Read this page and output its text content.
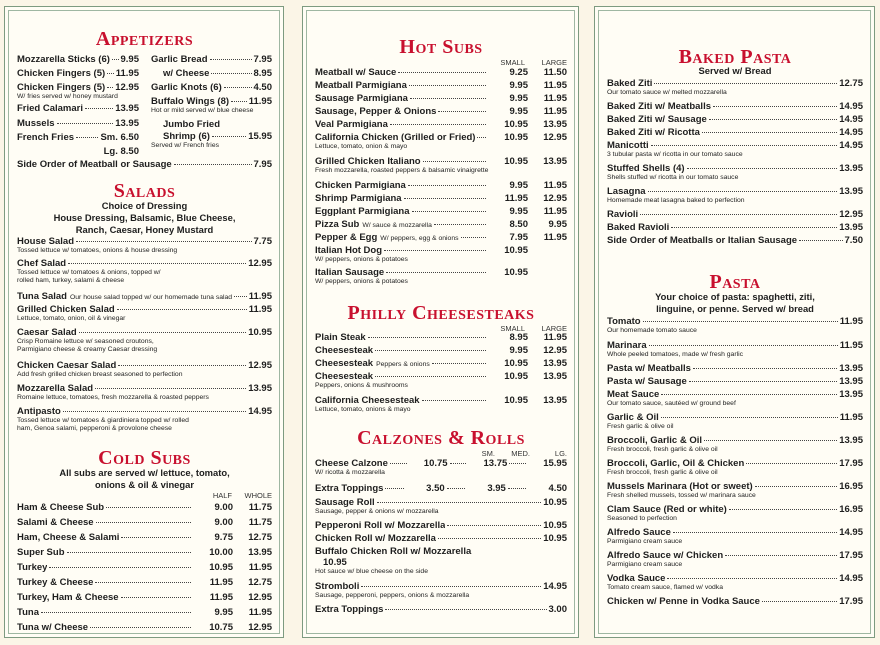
Appetizers
Mozzarella Sticks (6) 9.95
Chicken Fingers (5) 11.95
Chicken Fingers (5) 12.95
W/ fries served w/ honey mustard
Fried Calamari	13.95
Mussels	13.95
French Fries	Sm. 6.50
Lg. 8.50
Garlic Bread	7.95
w/ Cheese	8.95
Garlic Knots (6)	4.50
Buffalo Wings (8) 11.95
Hot or mild served w/ blue cheese
Jumbo Fried
Shrimp (6)	15.95
Served w/ French fries
Side Order of Meatball or Sausage	7.95
Salads
Choice of Dressing
House Dressing, Balsamic, Blue Cheese,
Ranch, Caesar, Honey Mustard
House Salad	7.75
Tossed lettuce w/ tomatoes, onions & house dressing
Chef Salad	12.95
Tossed lettuce w/ tomatoes & onions, topped w/
rolled ham, turkey, salami & cheese
Tuna Salad Our house salad topped w/ our homemade tuna salad 11.95
Grilled Chicken Salad	11.95
Lettuce, tomato, onion, oil & vinegar
Caesar Salad	10.95
Crisp Romaine lettuce w/ seasoned croutons,
Parmigiano cheese & creamy Caesar dressing
Chicken Caesar Salad	12.95
Add fresh grilled chicken breast seasoned to perfection
Mozzarella Salad	13.95
Romaine lettuce, tomatoes, fresh mozzarella & roasted peppers
Antipasto	14.95
Tossed lettuce w/ tomatoes & giardiniera topped w/ rolled
ham, Genoa salami, pepperoni & provolone cheese
Cold Subs
All subs are served w/ lettuce, tomato,
onions & oil & vinegar
HALF WHOLE
Ham & Cheese Sub	9.00	11.75
Salami & Cheese	9.00	11.75
Ham, Cheese & Salami	9.75	12.75
Super Sub	10.00	13.95
Turkey	10.95	11.95
Turkey & Cheese	11.95	12.75
Turkey, Ham & Cheese	11.95	12.95
Tuna	9.95	11.95
Tuna w/ Cheese	10.75	12.95
Hot Subs
SMALL LARGE
Meatball w/ Sauce	9.25	11.50
Meatball Parmigiana	9.95	11.95
Sausage Parmigiana	9.95	11.95
Sausage, Pepper & Onions	9.95	11.95
Veal Parmigiana	10.95	13.95
California Chicken (Grilled or Fried)	10.95	12.95
Lettuce, tomato, onion & mayo
Grilled Chicken Italiano	10.95	13.95
Fresh mozzarella, roasted peppers & balsamic vinaigrette
Chicken Parmigiana	9.95	11.95
Shrimp Parmigiana	11.95	12.95
Eggplant Parmigiana	9.95	11.95
Pizza Sub W/ sauce & mozzarella	8.50	9.95
Pepper & Egg W/ peppers, egg & onions	7.95	11.95
Italian Hot Dog	10.95
W/ peppers, onions & potatoes
Italian Sausage	10.95
W/ peppers, onions & potatoes
Philly Cheesesteaks
SMALL LARGE
Plain Steak	8.95	11.95
Cheesesteak	9.95	12.95
Cheesesteak Peppers & onions	10.95	13.95
Cheesesteak	10.95	13.95
Peppers, onions & mushrooms
California Cheesesteak	10.95	13.95
Lettuce, tomato, onions & mayo
Calzones & Rolls
SM. MED.	LG.
Cheese Calzone	10.75	13.75	15.95
W/ ricotta & mozzarella
Extra Toppings	3.50	3.95	4.50
Sausage Roll	10.95
Sausage, pepper & onions w/ mozzarella
Pepperoni Roll w/ Mozzarella	10.95
Chicken Roll w/ Mozzarella	10.95
Buffalo Chicken Roll w/ Mozzarella
10.95
Hot sauce w/ blue cheese on the side
Stromboli	14.95
Sausage, pepperoni, peppers, onions & mozzarella
Extra Toppings	3.00
Baked Pasta
Served w/ Bread
Baked Ziti	12.75
Our tomato sauce w/ melted mozzarella
Baked Ziti w/ Meatballs	14.95
Baked Ziti w/ Sausage	14.95
Baked Ziti w/ Ricotta	14.95
Manicotti	14.95
3 tubular pasta w/ ricotta in our tomato sauce
Stuffed Shells (4)	13.95
Shells stuffed w/ ricotta in our tomato sauce
Lasagna	13.95
Homemade meat lasagna baked to perfection
Ravioli	12.95
Baked Ravioli	13.95
Side Order of Meatballs or Italian Sausage	7.50
Pasta
Your choice of pasta: spaghetti, ziti,
linguine, or penne. Served w/ bread
Tomato	11.95
Our homemade tomato sauce
Marinara	11.95
Whole peeled tomatoes, made w/ fresh garlic
Pasta w/ Meatballs	13.95
Pasta w/ Sausage	13.95
Meat Sauce	13.95
Our tomato sauce, sautéed w/ ground beef
Garlic & Oil	11.95
Fresh garlic & olive oil
Broccoli, Garlic & Oil	13.95
Fresh broccoli, fresh garlic & olive oil
Broccoli, Garlic, Oil & Chicken	17.95
Fresh broccoli, fresh garlic & olive oil
Mussels Marinara (Hot or sweet)	16.95
Fresh shelled mussels, tossed w/ marinara sauce
Clam Sauce (Red or white)	16.95
Seasoned to perfection
Alfredo Sauce	14.95
Parmigiano cream sauce
Alfredo Sauce w/ Chicken	17.95
Parmigiano cream sauce
Vodka Sauce	14.95
Tomato cream sauce, flamed w/ vodka
Chicken w/ Penne in Vodka Sauce	17.95
